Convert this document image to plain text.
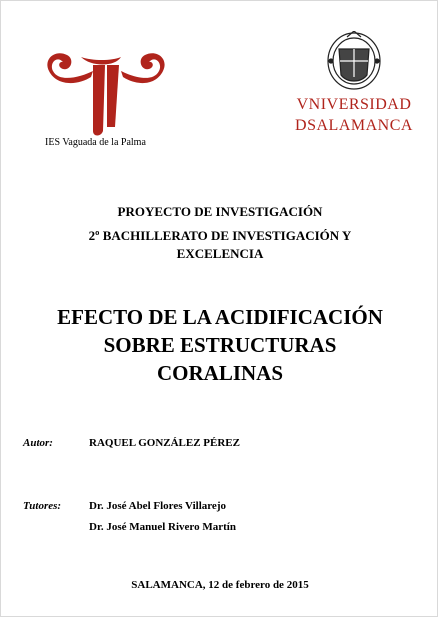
IES Vaguada de la Palma
VNIVERSIDAD
DSALAMANCA
PROYECTO DE INVESTIGACIÓN
2º BACHILLERATO DE INVESTIGACIÓN Y
EXCELENCIA
EFECTO DE LA ACIDIFICACIÓN
SOBRE ESTRUCTURAS
CORALINAS
Autor:	RAQUEL GONZÁLEZ PÉREZ
Tutores:	Dr. José Abel Flores Villarejo
Dr. José Manuel Rivero Martín
SALAMANCA, 12 de febrero de 2015
